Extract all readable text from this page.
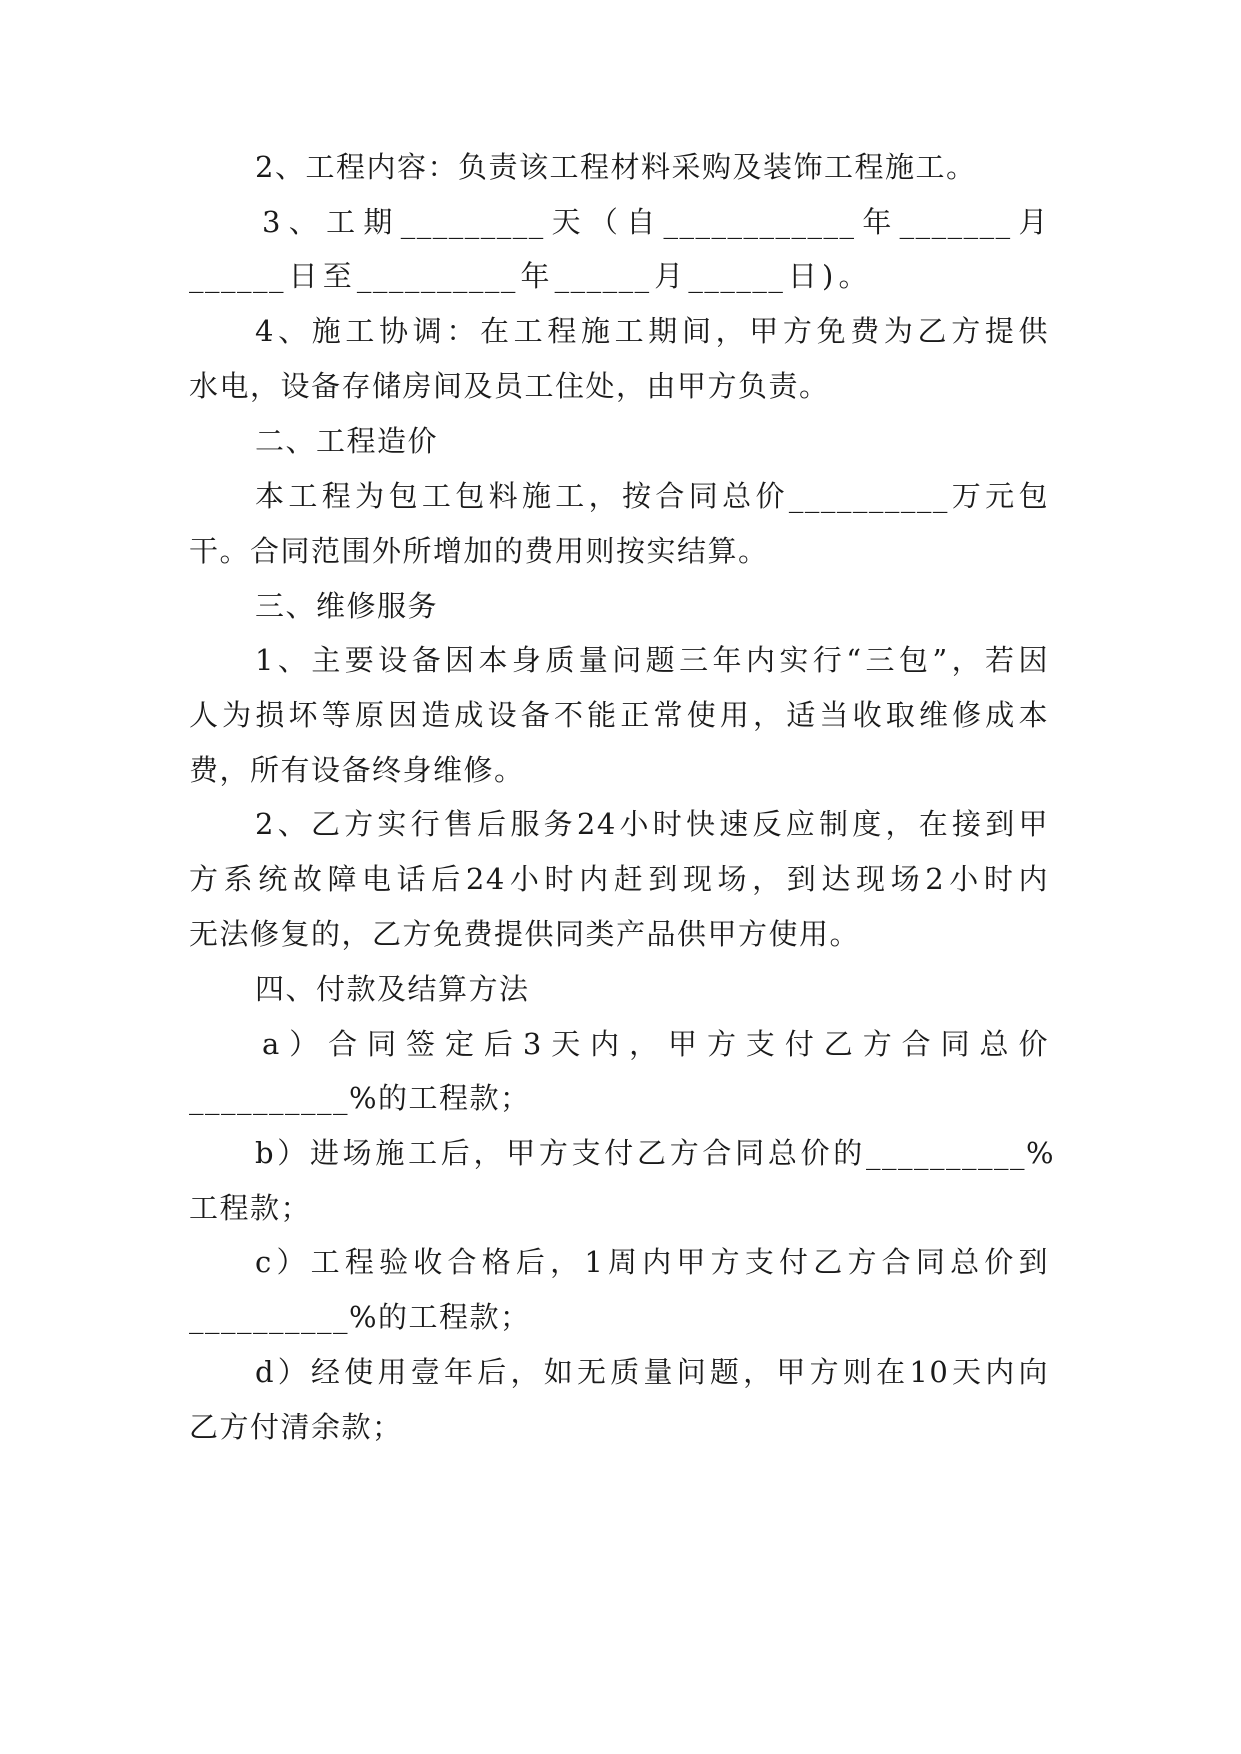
2、工程内容：负责该工程材料采购及装饰工程施工。
3、工期_________天（自____________年_______月
______日至__________年______月______日)。
4、施工协调：在工程施工期间，甲方免费为乙方提供
水电，设备存储房间及员工住处，由甲方负责。
二、工程造价
本工程为包工包料施工，按合同总价__________万元包
干。合同范围外所增加的费用则按实结算。
三、维修服务
1、主要设备因本身质量问题三年内实行“三包”，若因
人为损坏等原因造成设备不能正常使用，适当收取维修成本
费，所有设备终身维修。
2、乙方实行售后服务24小时快速反应制度，在接到甲
方系统故障电话后24小时内赶到现场，到达现场2小时内
无法修复的，乙方免费提供同类产品供甲方使用。
四、付款及结算方法
a）合同签定后3天内，甲方支付乙方合同总价
__________%的工程款；
b）进场施工后，甲方支付乙方合同总价的__________%
工程款；
c）工程验收合格后，1周内甲方支付乙方合同总价到
__________%的工程款；
d）经使用壹年后，如无质量问题，甲方则在10天内向
乙方付清余款；
